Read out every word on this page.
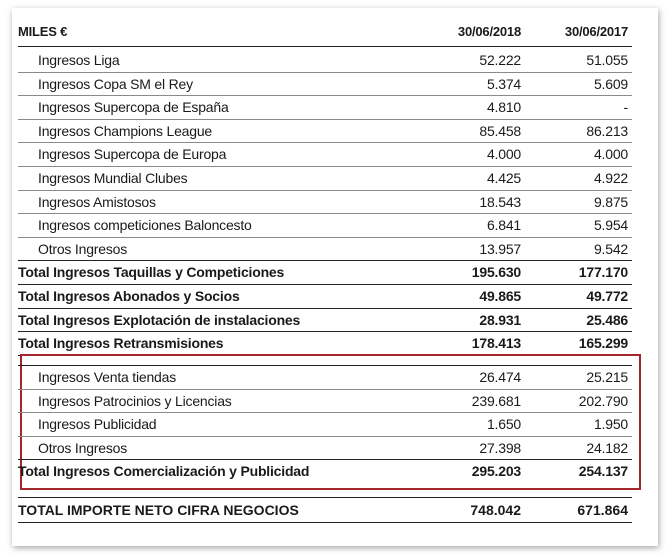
MILES €	30/06/2018	30/06/2017
Ingresos Liga	52.222	51.055
Ingresos Copa SM el Rey	5.374	5.609
Ingresos Supercopa de España	4.810	-
Ingresos Champions League	85.458	86.213
Ingresos Supercopa de Europa	4.000	4.000
Ingresos Mundial Clubes	4.425	4.922
Ingresos Amistosos	18.543	9.875
Ingresos competiciones Baloncesto	6.841	5.954
Otros Ingresos	13.957	9.542
Total Ingresos Taquillas y Competiciones	195.630	177.170
Total Ingresos Abonados y Socios	49.865	49.772
Total Ingresos Explotación de instalaciones	28.931	25.486
Total Ingresos Retransmisiones	178.413	165.299
Ingresos Venta tiendas	26.474	25.215
Ingresos Patrocinios y Licencias	239.681	202.790
Ingresos Publicidad	1.650	1.950
Otros Ingresos	27.398	24.182
Total Ingresos Comercialización y Publicidad	295.203	254.137
TOTAL IMPORTE NETO CIFRA NEGOCIOS	748.042	671.864
